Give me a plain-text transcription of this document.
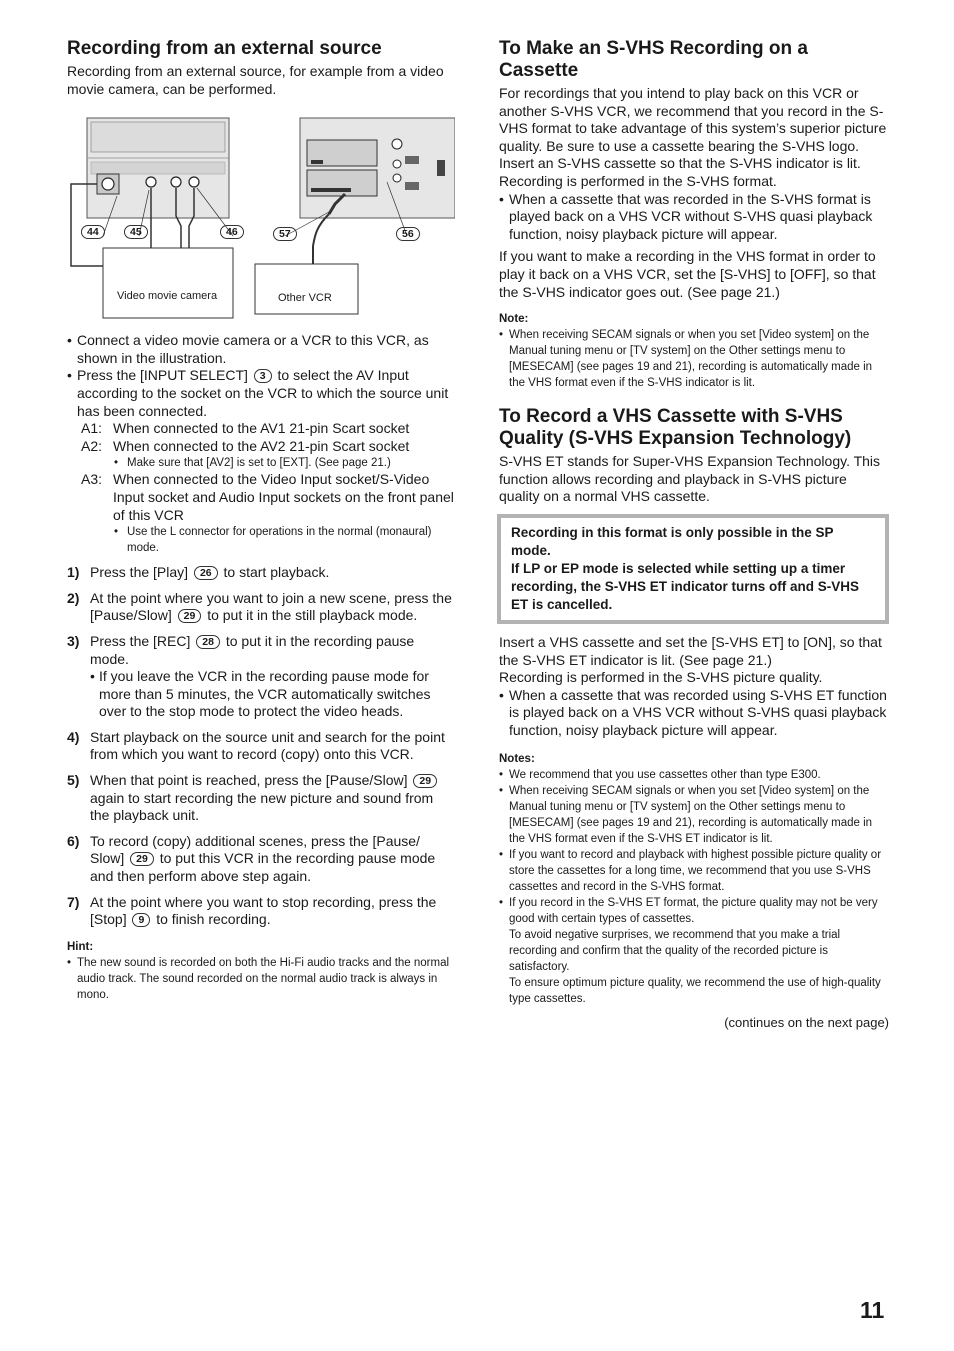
Recording from an external source

Recording from an external source, for example from a video movie camera, can be performed.

44	45	46	57	56
Video movie camera	Other VCR
• Connect a video movie camera or a VCR to this VCR, as shown in the illustration.
• Press the [INPUT SELECT] 3 to select the AV Input according to the socket on the VCR to which the source unit has been connected.
A1: When connected to the AV1 21-pin Scart socket
A2: When connected to the AV2 21-pin Scart socket
• Make sure that [AV2] is set to [EXT]. (See page 21.)
A3: When connected to the Video Input socket/S-Video Input socket and Audio Input sockets on the front panel of this VCR
• Use the L connector for operations in the normal (monaural) mode.
1) Press the [Play] 26 to start playback.
2) At the point where you want to join a new scene, press the [Pause/Slow] 29 to put it in the still playback mode.
3) Press the [REC] 28 to put it in the recording pause mode.
• If you leave the VCR in the recording pause mode for more than 5 minutes, the VCR automatically switches over to the stop mode to protect the video heads.
4) Start playback on the source unit and search for the point from which you want to record (copy) onto this VCR.
5) When that point is reached, press the [Pause/Slow] 29 again to start recording the new picture and sound from the playback unit.
6) To record (copy) additional scenes, press the [Pause/ Slow] 29 to put this VCR in the recording pause mode and then perform above step again.
7) At the point where you want to stop recording, press the [Stop] 9 to finish recording.
Hint:
• The new sound is recorded on both the Hi-Fi audio tracks and the normal audio track. The sound recorded on the normal audio track is always in mono.
To Make an S-VHS Recording on a Cassette

For recordings that you intend to play back on this VCR or another S-VHS VCR, we recommend that you record in the S-VHS format to take advantage of this system’s superior picture quality. Be sure to use a cassette bearing the S-VHS logo.

Insert an S-VHS cassette so that the S-VHS indicator is lit. Recording is performed in the S-VHS format.

• When a cassette that was recorded in the S-VHS format is played back on a VHS VCR without S-VHS quasi playback function, noisy playback picture will appear.

If you want to make a recording in the VHS format in order to play it back on a VHS VCR, set the [S-VHS] to [OFF], so that the S-VHS indicator goes out. (See page 21.)

Note:
• When receiving SECAM signals or when you set [Video system] on the Manual tuning menu or [TV system] on the Other settings menu to [MESECAM] (see pages 19 and 21), recording is automatically made in the VHS format even if the S-VHS indicator is lit.
To Record a VHS Cassette with S-VHS Quality (S-VHS Expansion Technology)

S-VHS ET stands for Super-VHS Expansion Technology. This function allows recording and playback in S-VHS picture quality on a normal VHS cassette.

Recording in this format is only possible in the SP mode.
If LP or EP mode is selected while setting up a timer recording, the S-VHS ET indicator turns off and S-VHS ET is cancelled.

Insert a VHS cassette and set the [S-VHS ET] to [ON], so that the S-VHS ET indicator is lit. (See page 21.)

Recording is performed in the S-VHS picture quality.

• When a cassette that was recorded using S-VHS ET function is played back on a VHS VCR without S-VHS quasi playback function, noisy playback picture will appear.
Notes:
• We recommend that you use cassettes other than type E300.
• When receiving SECAM signals or when you set [Video system] on the Manual tuning menu or [TV system] on the Other settings menu to [MESECAM] (see pages 19 and 21), recording is automatically made in the VHS format even if the S-VHS ET indicator is lit.
• If you want to record and playback with highest possible picture quality or store the cassettes for a long time, we recommend that you use S-VHS cassettes and record in the S-VHS format.
• If you record in the S-VHS ET format, the picture quality may not be very good with certain types of cassettes.
To avoid negative surprises, we recommend that you make a trial recording and confirm that the quality of the recorded picture is satisfactory.
To ensure optimum picture quality, we recommend the use of high-quality type cassettes.
(continues on the next page)
11
